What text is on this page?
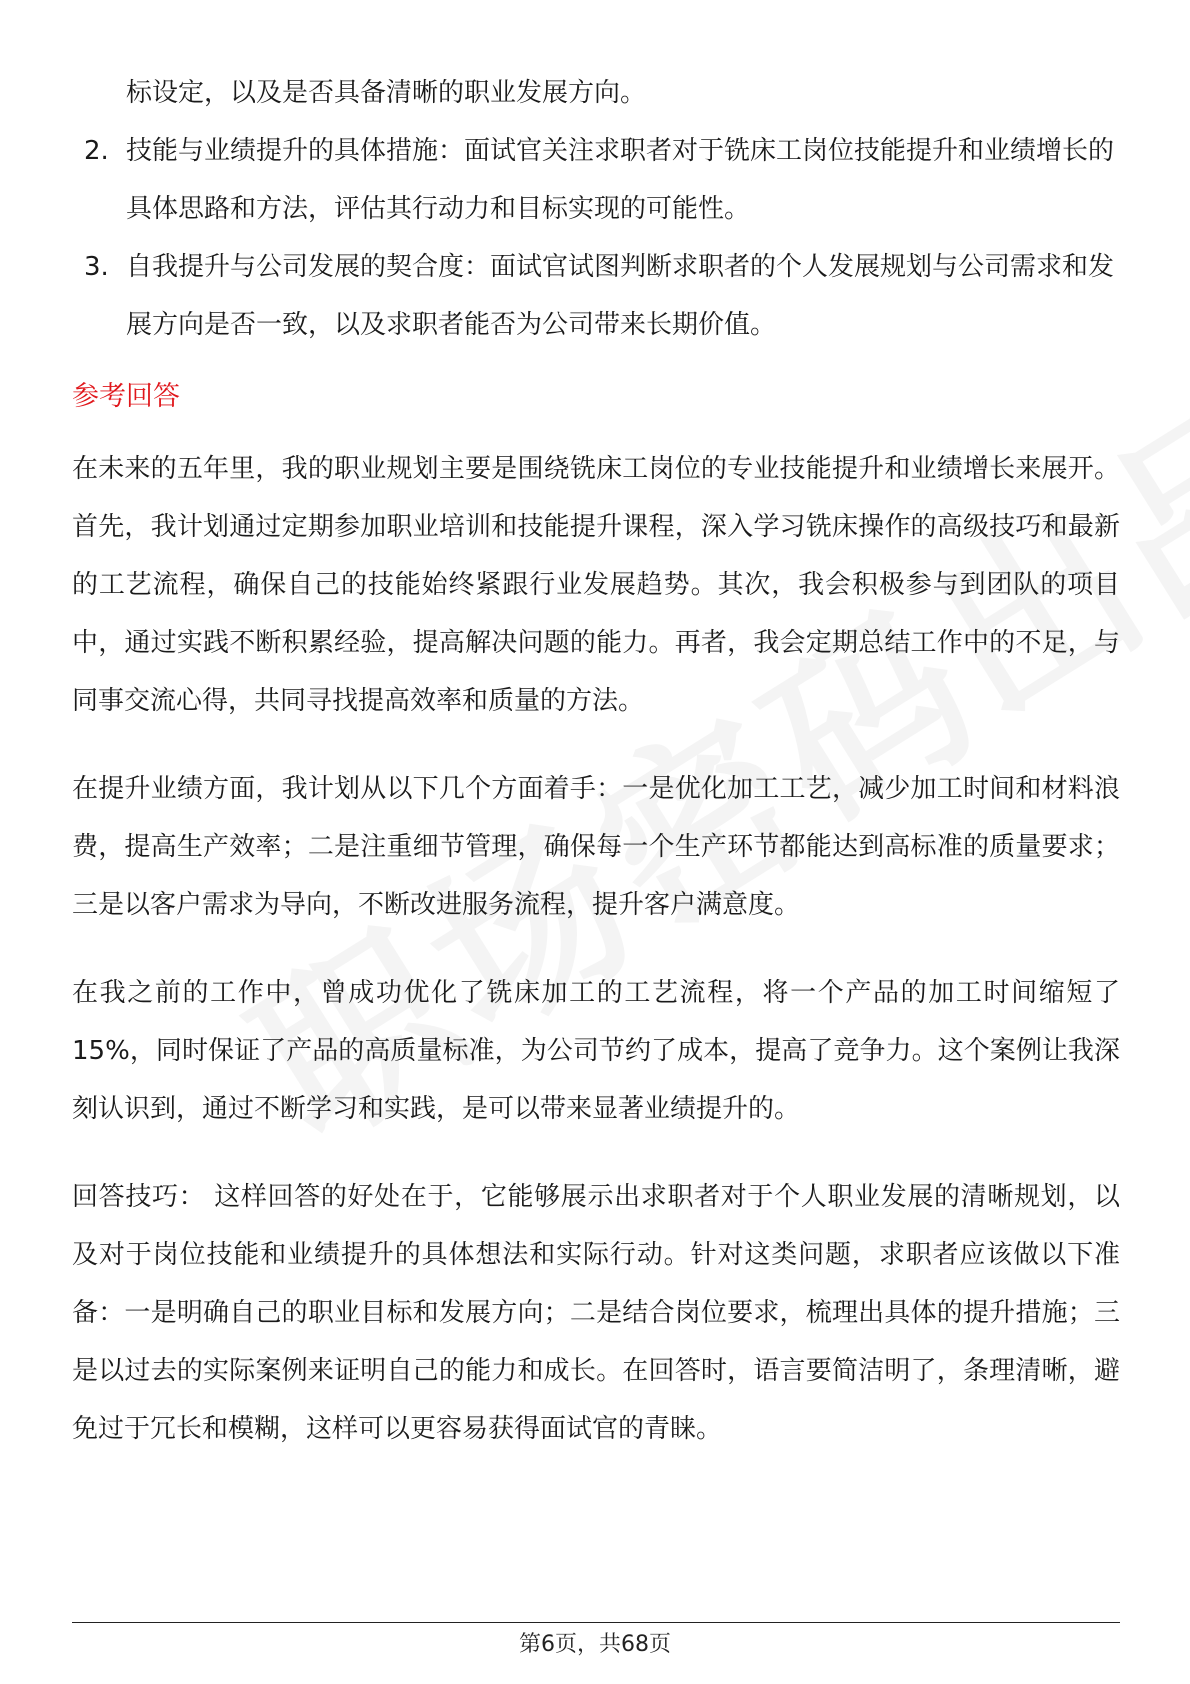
标设定，以及是否具备清晰的职业发展方向。

2. 技能与业绩提升的具体措施：面试官关注求职者对于铣床工岗位技能提升和业绩增长的具体思路和方法，评估其行动力和目标实现的可能性。
3. 自我提升与公司发展的契合度：面试官试图判断求职者的个人发展规划与公司需求和发展方向是否一致，以及求职者能否为公司带来长期价值。
参考回答

在未来的五年里，我的职业规划主要是围绕铣床工岗位的专业技能提升和业绩增长来展开。首先，我计划通过定期参加职业培训和技能提升课程，深入学习铣床操作的高级技巧和最新的工艺流程，确保自己的技能始终紧跟行业发展趋势。其次，我会积极参与到团队的项目中，通过实践不断积累经验，提高解决问题的能力。再者，我会定期总结工作中的不足，与同事交流心得，共同寻找提高效率和质量的方法。

在提升业绩方面，我计划从以下几个方面着手：一是优化加工工艺，减少加工时间和材料浪费，提高生产效率；二是注重细节管理，确保每一个生产环节都能达到高标准的质量要求；三是以客户需求为导向，不断改进服务流程，提升客户满意度。

在我之前的工作中，曾成功优化了铣床加工的工艺流程，将一个产品的加工时间缩短了15%，同时保证了产品的高质量标准，为公司节约了成本，提高了竞争力。这个案例让我深刻认识到，通过不断学习和实践，是可以带来显著业绩提升的。

回答技巧： 这样回答的好处在于，它能够展示出求职者对于个人职业发展的清晰规划，以及对于岗位技能和业绩提升的具体想法和实际行动。针对这类问题，求职者应该做以下准备：一是明确自己的职业目标和发展方向；二是结合岗位要求，梳理出具体的提升措施；三是以过去的实际案例来证明自己的能力和成长。在回答时，语言要简洁明了，条理清晰，避免过于冗长和模糊，这样可以更容易获得面试官的青睐。

第6页，共68页
